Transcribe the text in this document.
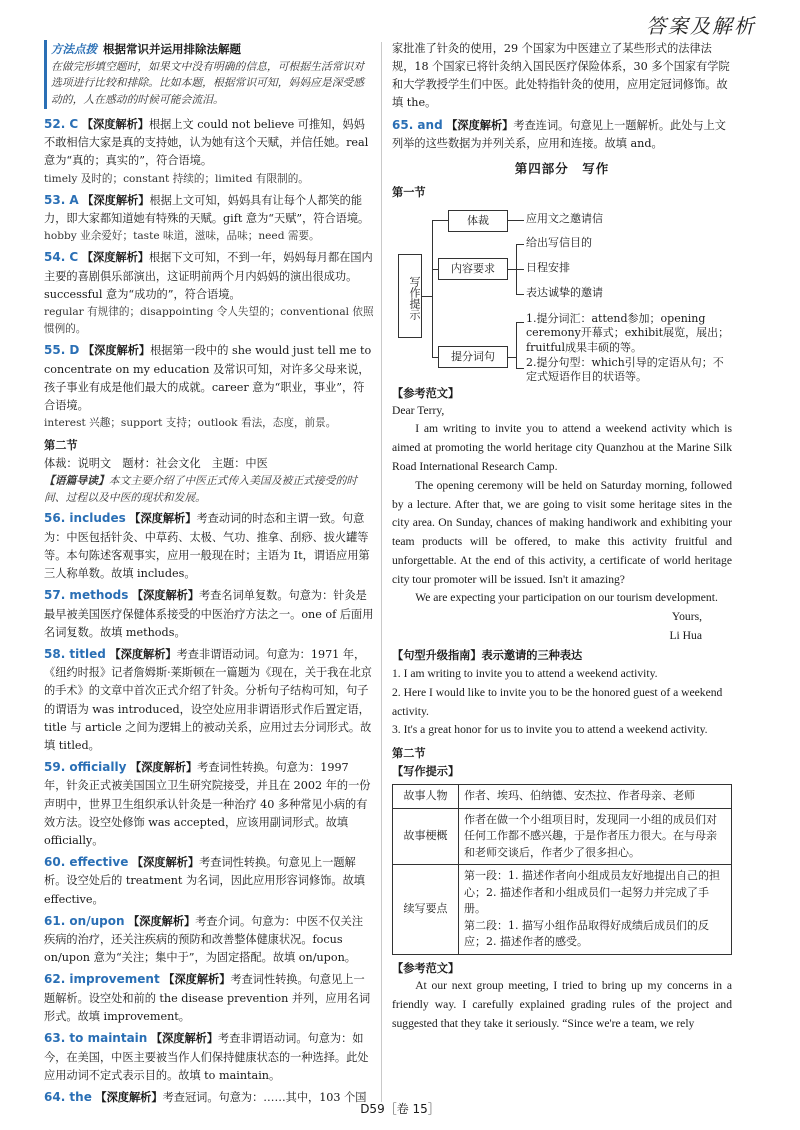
答案及解析
方法点拨 根据常识并运用排除法解题
在做完形填空题时，如果文中没有明确的信息，可根据生活常识对选项进行比较和排除。比如本题，根据常识可知，妈妈应是深受感动的，人在感动的时候可能会流泪。
52. C 【深度解析】根据上文 could not believe 可推知，妈妈不敢相信大家是真的支持她，认为她有这个天赋，并信任她。real 意为“真的；真实的”，符合语境。
timely 及时的；constant 持续的；limited 有限制的。
53. A 【深度解析】根据上文可知，妈妈具有让每个人都笑的能力，即大家都知道她有特殊的天赋。gift 意为“天赋”，符合语境。
hobby 业余爱好；taste 味道，滋味，品味；need 需要。
54. C 【深度解析】根据下文可知，不到一年，妈妈每月都在国内主要的喜剧俱乐部演出，这证明前两个月内妈妈的演出很成功。successful 意为“成功的”，符合语境。
regular 有规律的；disappointing 令人失望的；conventional 依照惯例的。
55. D 【深度解析】根据第一段中的 she would just tell me to concentrate on my education 及常识可知，对许多父母来说，孩子事业有成是他们最大的成就。career 意为“职业，事业”，符合语境。
interest 兴趣；support 支持；outlook 看法，态度，前景。
第二节
体裁：说明文　题材：社会文化　主题：中医
【语篇导读】本文主要介绍了中医正式传入美国及被正式接受的时间、过程以及中医的现状和发展。
56. includes 【深度解析】考查动词的时态和主谓一致。句意为：中医包括针灸、中草药、太极、气功、推拿、刮痧、拔火罐等等。本句陈述客观事实，应用一般现在时；主语为 It，谓语应用第三人称单数。故填 includes。
57. methods 【深度解析】考查名词单复数。句意为：针灸是最早被美国医疗保健体系接受的中医治疗方法之一。one of 后面用名词复数。故填 methods。
58. titled 【深度解析】考查非谓语动词。句意为：1971 年，《纽约时报》记者詹姆斯·莱斯顿在一篇题为《现在，关于我在北京的手术》的文章中首次正式介绍了针灸。分析句子结构可知，句子的谓语为 was introduced，设空处应用非谓语形式作后置定语，title 与 article 之间为逻辑上的被动关系，应用过去分词形式。故填 titled。
59. officially 【深度解析】考查词性转换。句意为：1997 年，针灸正式被美国国立卫生研究院接受，并且在 2002 年的一份声明中，世界卫生组织承认针灸是一种治疗 40 多种常见小病的有效方法。设空处修饰 was accepted，应该用副词形式。故填 officially。
60. effective 【深度解析】考查词性转换。句意见上一题解析。设空处后的 treatment 为名词，因此应用形容词修饰。故填 effective。
61. on/upon 【深度解析】考查介词。句意为：中医不仅关注疾病的治疗，还关注疾病的预防和改善整体健康状况。focus on/upon 意为“关注；集中于”，为固定搭配。故填 on/upon。
62. improvement 【深度解析】考查词性转换。句意见上一题解析。设空处和前的 the disease prevention 并列，应用名词形式。故填 improvement。
63. to maintain 【深度解析】考查非谓语动词。句意为：如今，在美国，中医主要被当作人们保持健康状态的一种选择。此处应用动词不定式表示目的。故填 to maintain。
64. the 【深度解析】考查冠词。句意为：……其中，103 个国
家批准了针灸的使用，29 个国家为中医建立了某些形式的法律法规，18 个国家已将针灸纳入国民医疗保险体系，30 多个国家有学院和大学教授学生们中医。此处特指针灸的使用，应用定冠词修饰。故填 the。
65. and 【深度解析】考查连词。句意见上一题解析。此处与上文列举的这些数据为并列关系，应用和连接。故填 and。
第四部分　写作
第一节
写作提示
体裁	应用文之邀请信
内容要求
给出写信目的
日程安排
表达诚挚的邀请
提分词句
1.提分词汇：attend参加；opening ceremony开幕式；exhibit展览，展出；fruitful成果丰硕的等。
2.提分句型：which引导的定语从句；不定式短语作目的状语等。
【参考范文】
Dear Terry,

I am writing to invite you to attend a weekend activity which is aimed at promoting the world heritage city Quanzhou at the Marine Silk Road International Research Camp.

The opening ceremony will be held on Saturday morning, followed by a lecture. After that, we are going to visit some heritage sites in the city area. On Sunday, chances of making handiwork and exhibiting your team products will be offered, to make this activity fruitful and unforgettable. At the end of this activity, a certificate of world heritage city tour promoter will be issued. Isn't it amazing?

We are expecting your participation on our tourism development.

Yours,
Li Hua
【句型升级指南】表示邀请的三种表达
1. I am writing to invite you to attend a weekend activity.
2. Here I would like to invite you to be the honored guest of a weekend activity.
3. It's a great honor for us to invite you to attend a weekend activity.
第二节
【写作提示】
故事人物	作者、埃玛、伯纳德、安杰拉、作者母亲、老师
故事梗概	作者在做一个小组项目时，发现同一小组的成员们对任何工作都不感兴趣，于是作者压力很大。在与母亲和老师交谈后，作者少了很多担心。
续写要点	第一段：1. 描述作者向小组成员友好地提出自己的担心；2. 描述作者和小组成员们一起努力并完成了手册。
第二段：1. 描写小组作品取得好成绩后成员们的反应；2. 描述作者的感受。
【参考范文】

At our next group meeting, I tried to bring up my concerns in a friendly way. I carefully explained grading rules of the project and suggested that they take it seriously. “Since we're a team, we rely

D59［卷 15］
